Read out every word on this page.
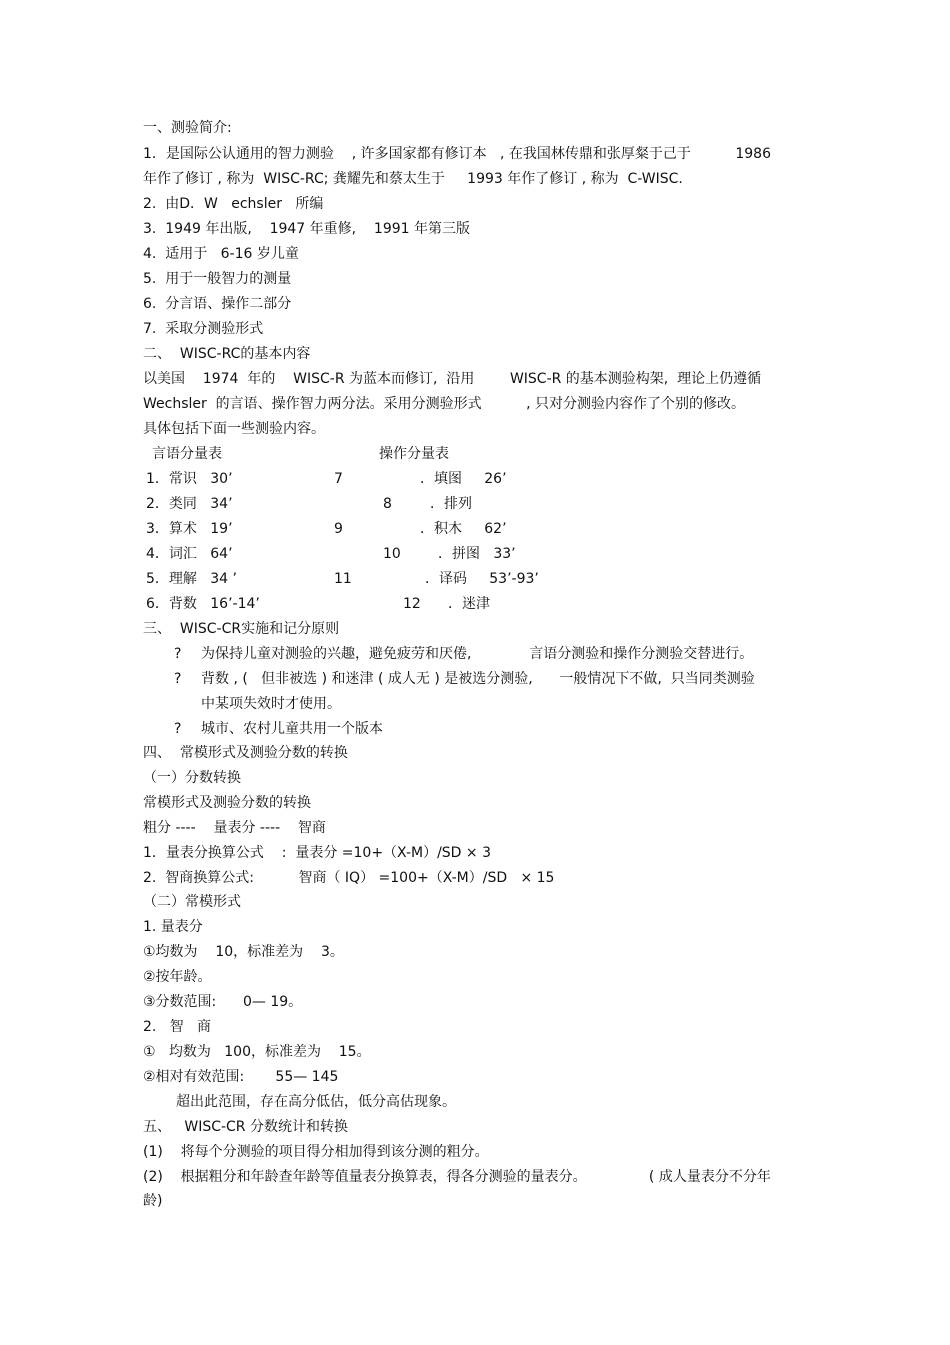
一、测验简介:
1．是国际公认通用的智力测验    , 许多国家都有修订本   , 在我国林传鼎和张厚粲于己于          1986
年作了修订 , 称为  WISC-RC; 龚耀先和蔡太生于     1993 年作了修订 , 称为  C-WISC.
2.  由D．W   echsler   所编
3.  1949 年出版,    1947 年重修,    1991 年第三版
4.  适用于   6-16 岁儿童
5.  用于一般智力的测量
6.  分言语、操作二部分
7.  采取分测验形式
二、  WISC-RC的基本内容
以美国    1974  年的    WISC-R 为蓝本而修订,  沿用        WISC-R 的基本测验构架,  理论上仍遵循
Wechsler  的言语、操作智力两分法。采用分测验形式          , 只对分测验内容作了个别的修改。
具体包括下面一些测验内容。
言语分量表	操作分量表
1．常识   30’	7	．填图     26’
2．类同   34’	8	．排列
3．算术   19’	9	．积木     62’
4．词汇   64’	10	．拼图   33’
5．理解   34 ’	11	．译码     53’-93’
6．背数   16’-14’	12 ．迷津
三、  WISC-CR实施和记分原则
? 为保持儿童对测验的兴趣，避免疲劳和厌倦,             言语分测验和操作分测验交替进行。
? 背数 , (   但非被选 ) 和迷津 ( 成人无 ) 是被选分测验,      一般情况下不做,  只当同类测验
中某项失效时才使用。
? 城市、农村儿童共用一个版本
四、  常模形式及测验分数的转换
（一）分数转换
常模形式及测验分数的转换
粗分 ----    量表分 ----    智商
1．量表分换算公式    :  量表分 =10+（X-M）/SD × 3
2.  智商换算公式:          智商（ IQ） =100+（X-M）/SD   × 15
（二）常模形式
1. 量表分
①均数为    10，标准差为    3。
②按年龄。
③分数范围:      0— 19。
2.   智   商
①   均数为   100，标准差为    15。
②相对有效范围:       55— 145
超出此范围，存在高分低估，低分高估现象。
五、   WISC-CR 分数统计和转换
(1)    将每个分测验的项目得分相加得到该分测的粗分。
(2)    根据粗分和年龄查年龄等值量表分换算表，得各分测验的量表分。              ( 成人量表分不分年
龄)
